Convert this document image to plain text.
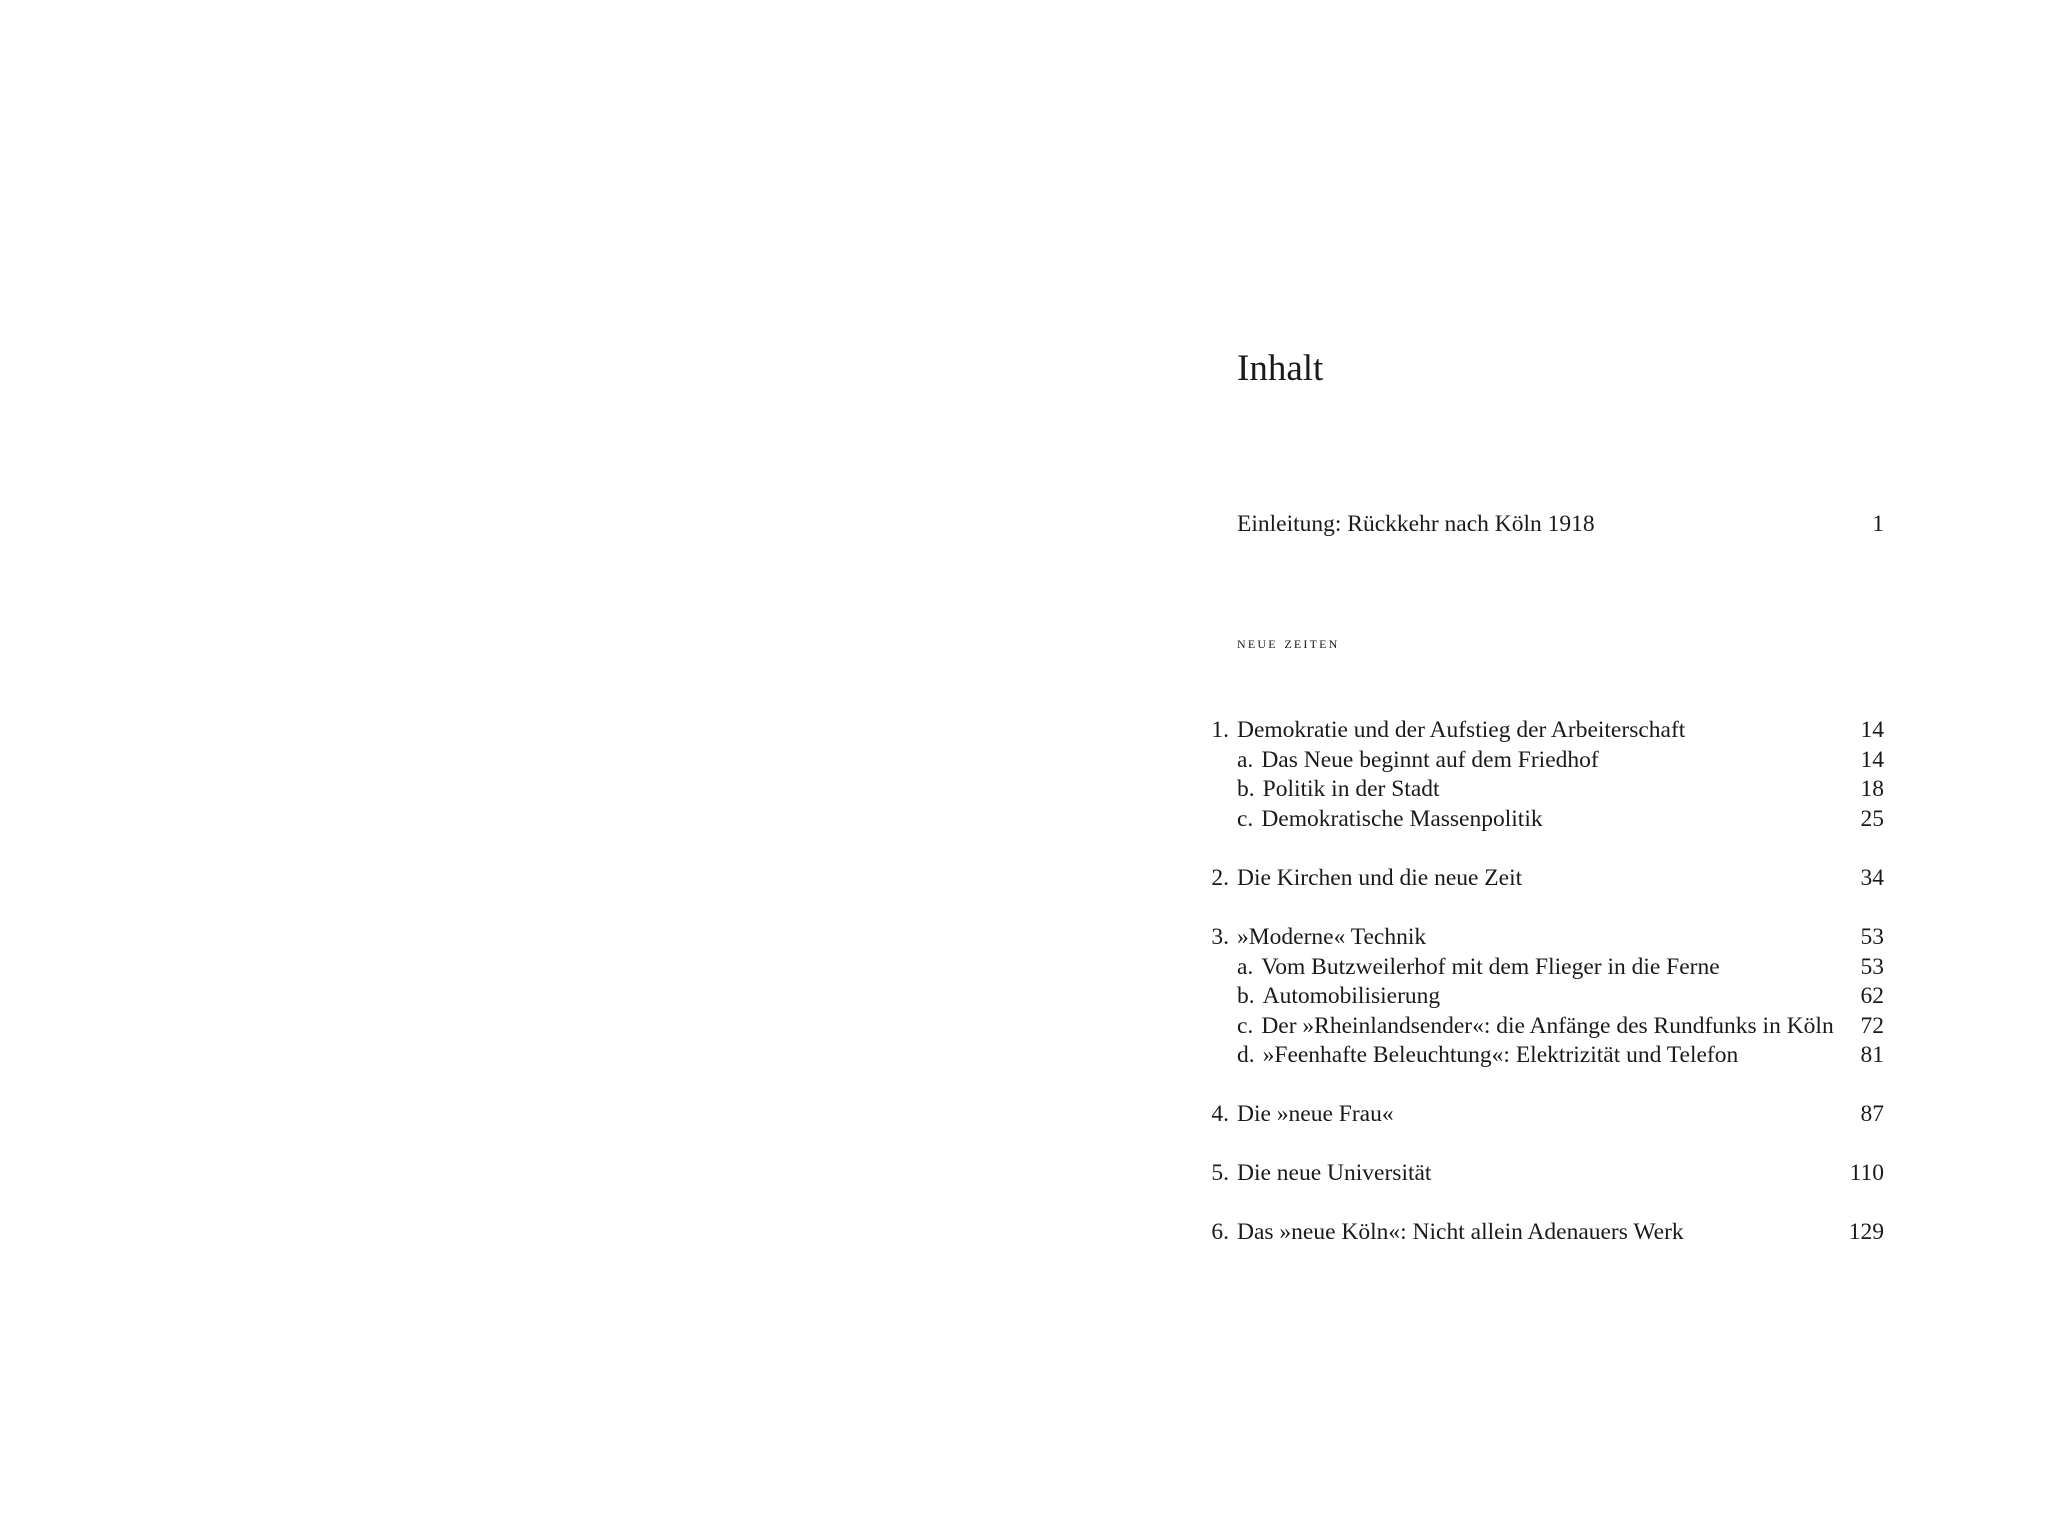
Inhalt
Einleitung: Rückkehr nach Köln 1918	1
neue zeiten
1. Demokratie und der Aufstieg der Arbeiterschaft	14
a. Das Neue beginnt auf dem Friedhof	14
b. Politik in der Stadt	18
c. Demokratische Massenpolitik	25
2. Die Kirchen und die neue Zeit	34
3. »Moderne« Technik	53
a. Vom Butzweilerhof mit dem Flieger in die Ferne	53
b. Automobilisierung	62
c. Der »Rheinlandsender«: die Anfänge des Rundfunks in Köln 72
d. »Feenhafte Beleuchtung«: Elektrizität und Telefon	81
4. Die »neue Frau«	87
5. Die neue Universität	110
6. Das »neue Köln«: Nicht allein Adenauers Werk	129
